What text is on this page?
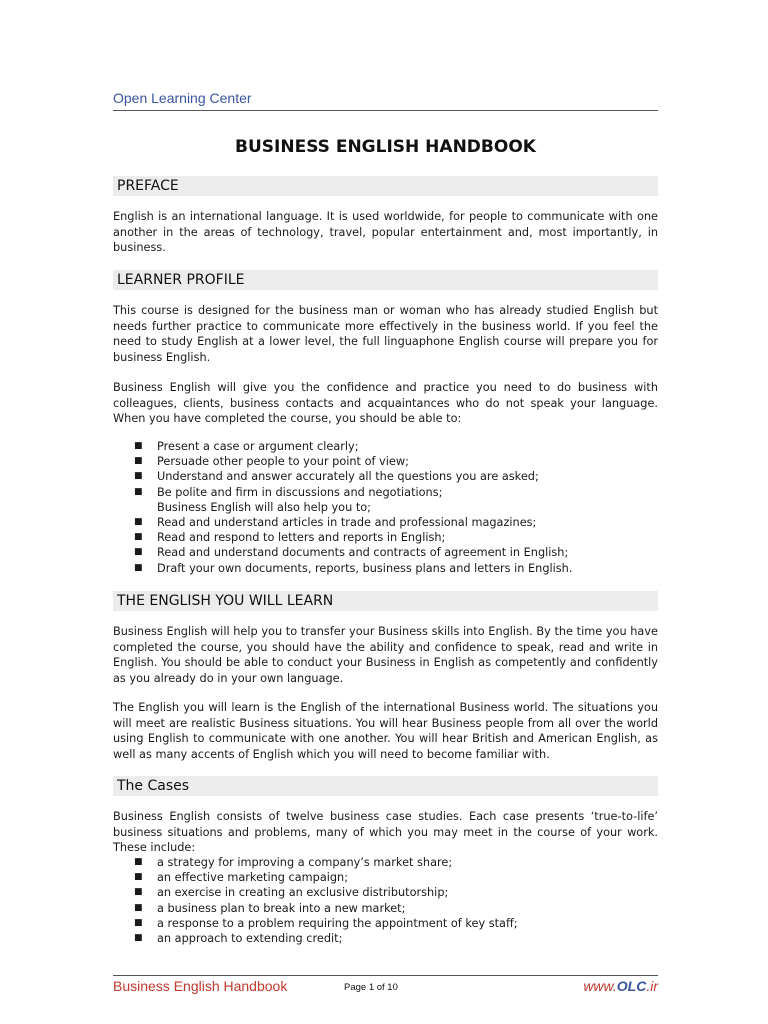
Open Learning Center
BUSINESS ENGLISH HANDBOOK
PREFACE

English is an international language. It is used worldwide, for people to communicate with one another in the areas of technology, travel, popular entertainment and, most importantly, in business.

LEARNER PROFILE

This course is designed for the business man or woman who has already studied English but needs further practice to communicate more effectively in the business world. If you feel the need to study English at a lower level, the full linguaphone English course will prepare you for business English.

Business English will give you the confidence and practice you need to do business with colleagues, clients, business contacts and acquaintances who do not speak your language. When you have completed the course, you should be able to:

■ Present a case or argument clearly;
■ Persuade other people to your point of view;
■ Understand and answer accurately all the questions you are asked;
■ Be polite and firm in discussions and negotiations;
Business English will also help you to;
■ Read and understand articles in trade and professional magazines;
■ Read and respond to letters and reports in English;
■ Read and understand documents and contracts of agreement in English;
■ Draft your own documents, reports, business plans and letters in English.
THE ENGLISH YOU WILL LEARN

Business English will help you to transfer your Business skills into English. By the time you have completed the course, you should have the ability and confidence to speak, read and write in English. You should be able to conduct your Business in English as competently and confidently as you already do in your own language.

The English you will learn is the English of the international Business world. The situations you will meet are realistic Business situations. You will hear Business people from all over the world using English to communicate with one another. You will hear British and American English, as well as many accents of English which you will need to become familiar with.

The Cases

Business English consists of twelve business case studies. Each case presents ‘true-to-life’ business situations and problems, many of which you may meet in the course of your work. These include:

■ a strategy for improving a company’s market share;
■ an effective marketing campaign;
■ an exercise in creating an exclusive distributorship;
■ a business plan to break into a new market;
■ a response to a problem requiring the appointment of key staff;
■ an approach to extending credit;
Business English Handbook	Page 1 of 10	www.OLC.ir
